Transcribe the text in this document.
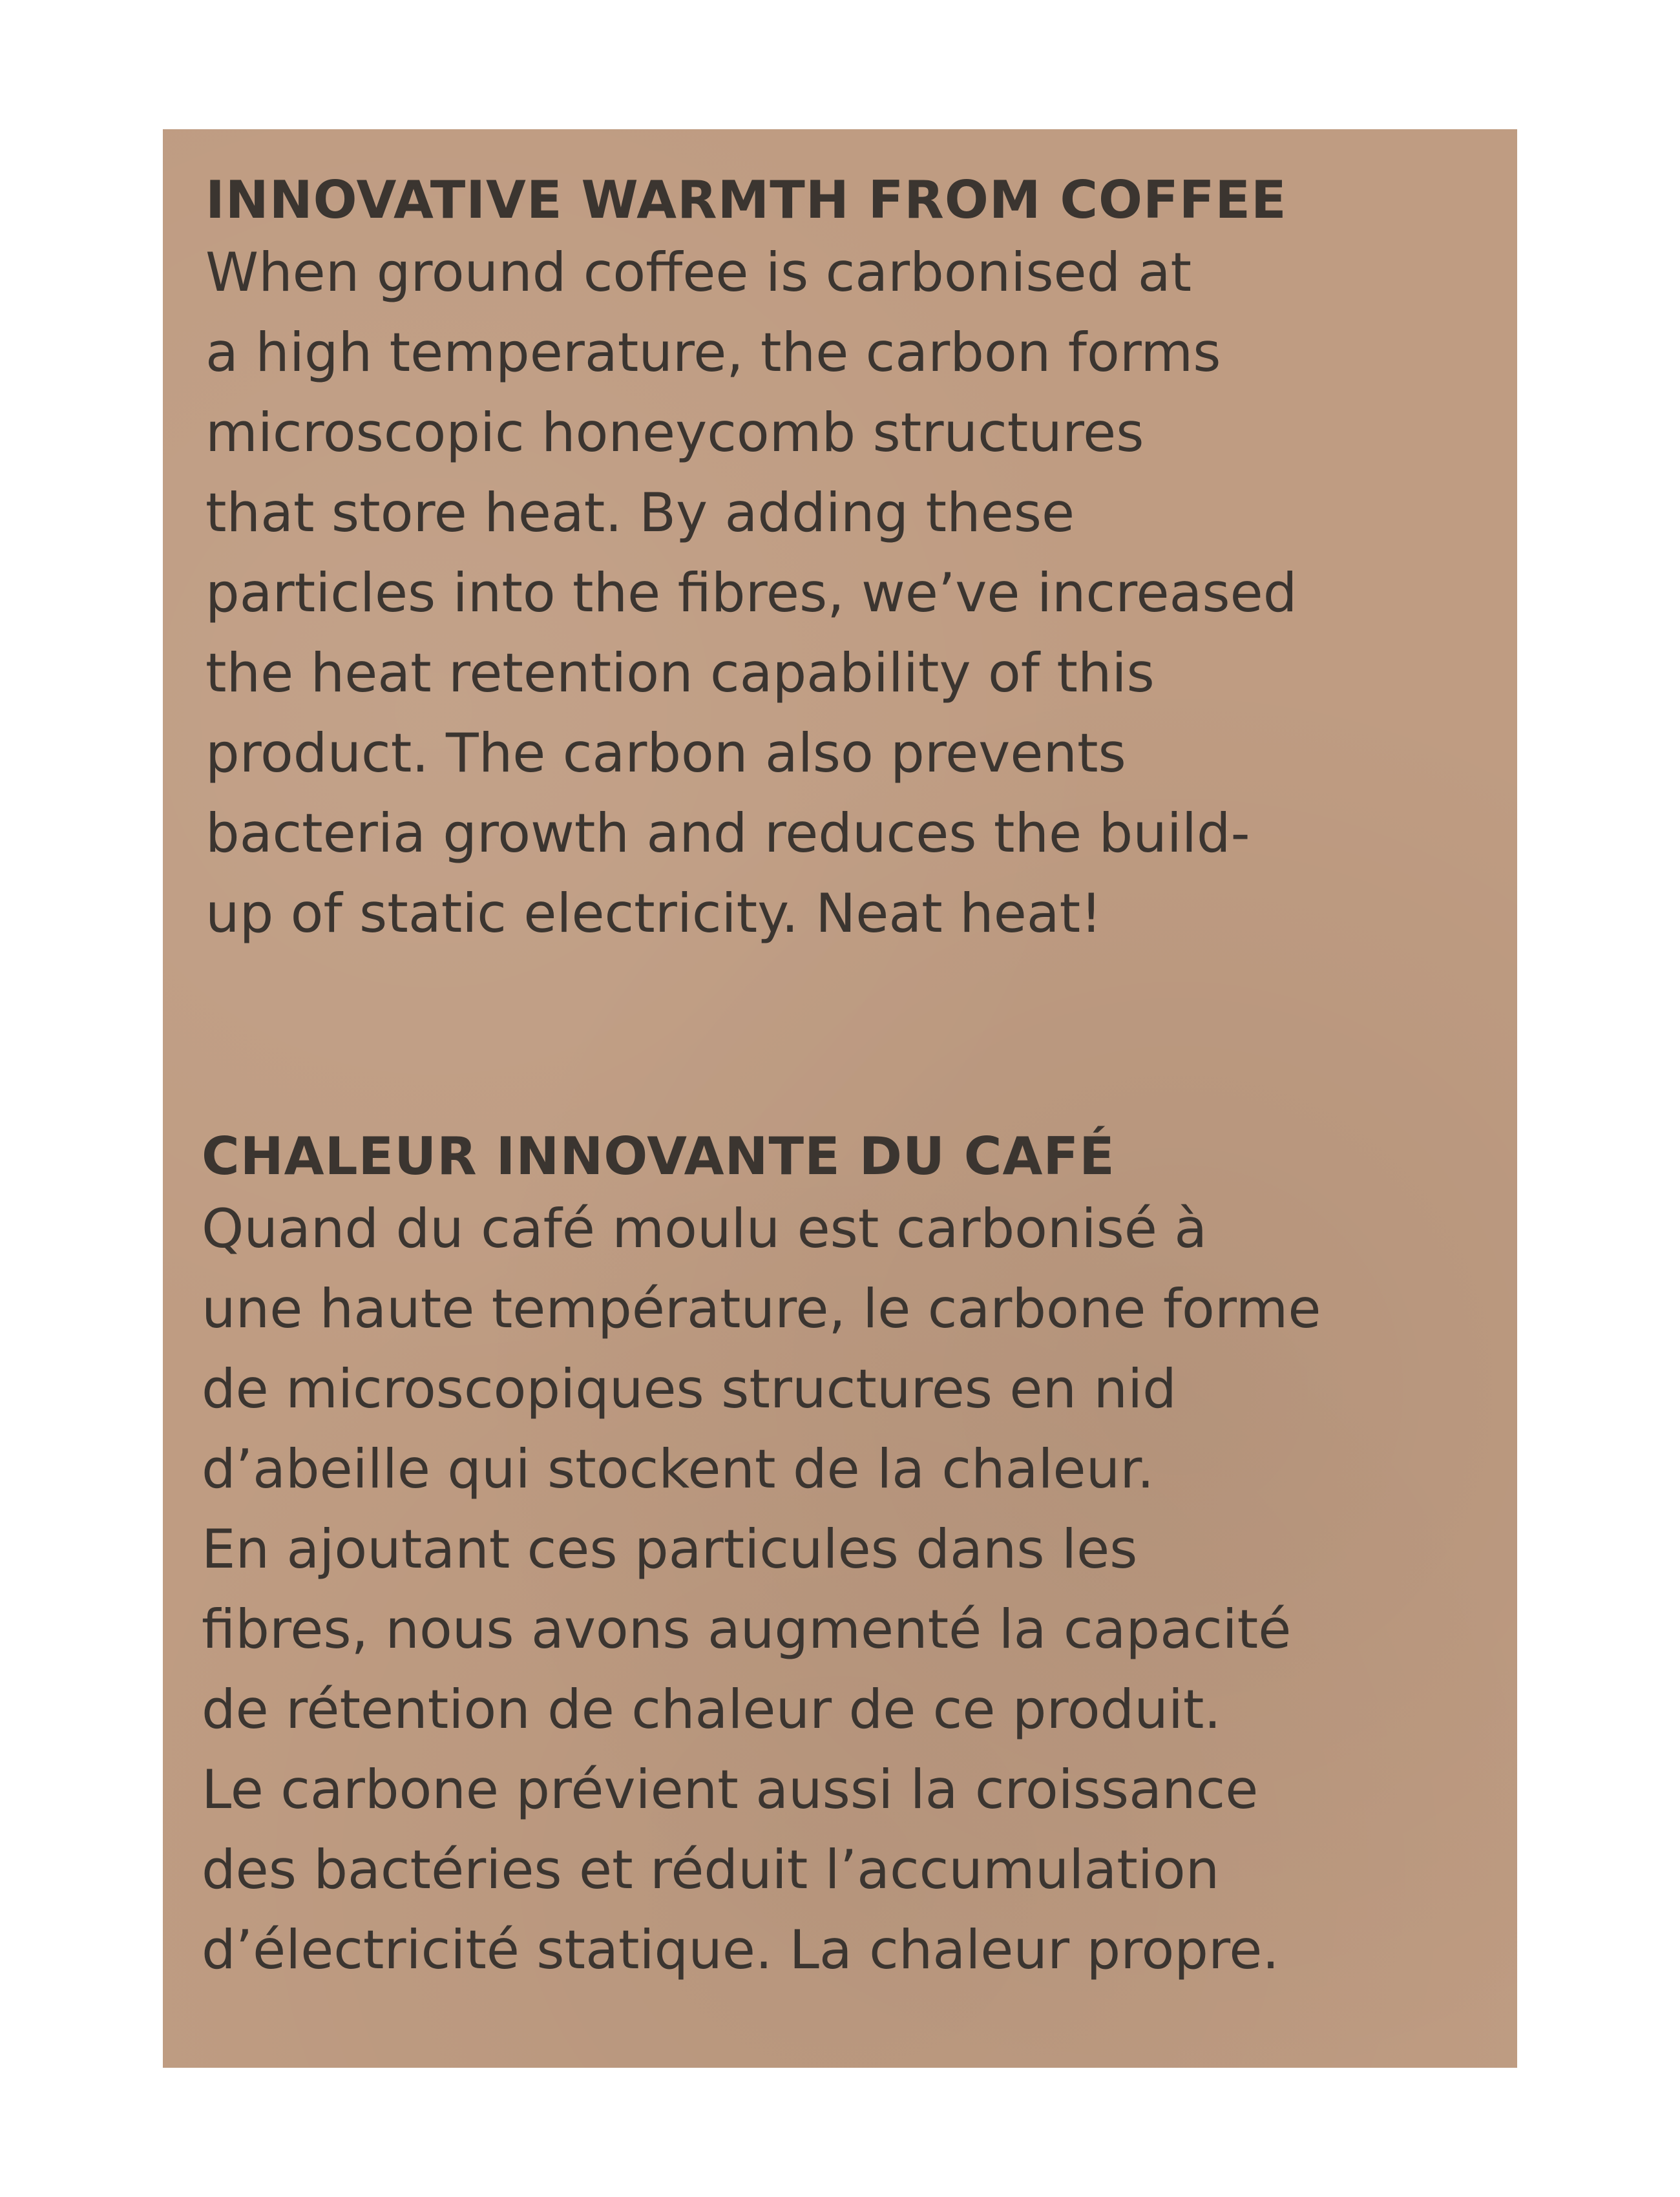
INNOVATIVE WARMTH FROM COFFEE
When ground coffee is carbonised at
a high temperature, the carbon forms
microscopic honeycomb structures
that store heat. By adding these
particles into the fibres, we’ve increased
the heat retention capability of this
product. The carbon also prevents
bacteria growth and reduces the build-
up of static electricity. Neat heat!
CHALEUR INNOVANTE DU CAFÉ
Quand du café moulu est carbonisé à
une haute température, le carbone forme
de microscopiques structures en nid
d’abeille qui stockent de la chaleur.
En ajoutant ces particules dans les
fibres, nous avons augmenté la capacité
de rétention de chaleur de ce produit.
Le carbone prévient aussi la croissance
des bactéries et réduit l’accumulation
d’électricité statique. La chaleur propre.
